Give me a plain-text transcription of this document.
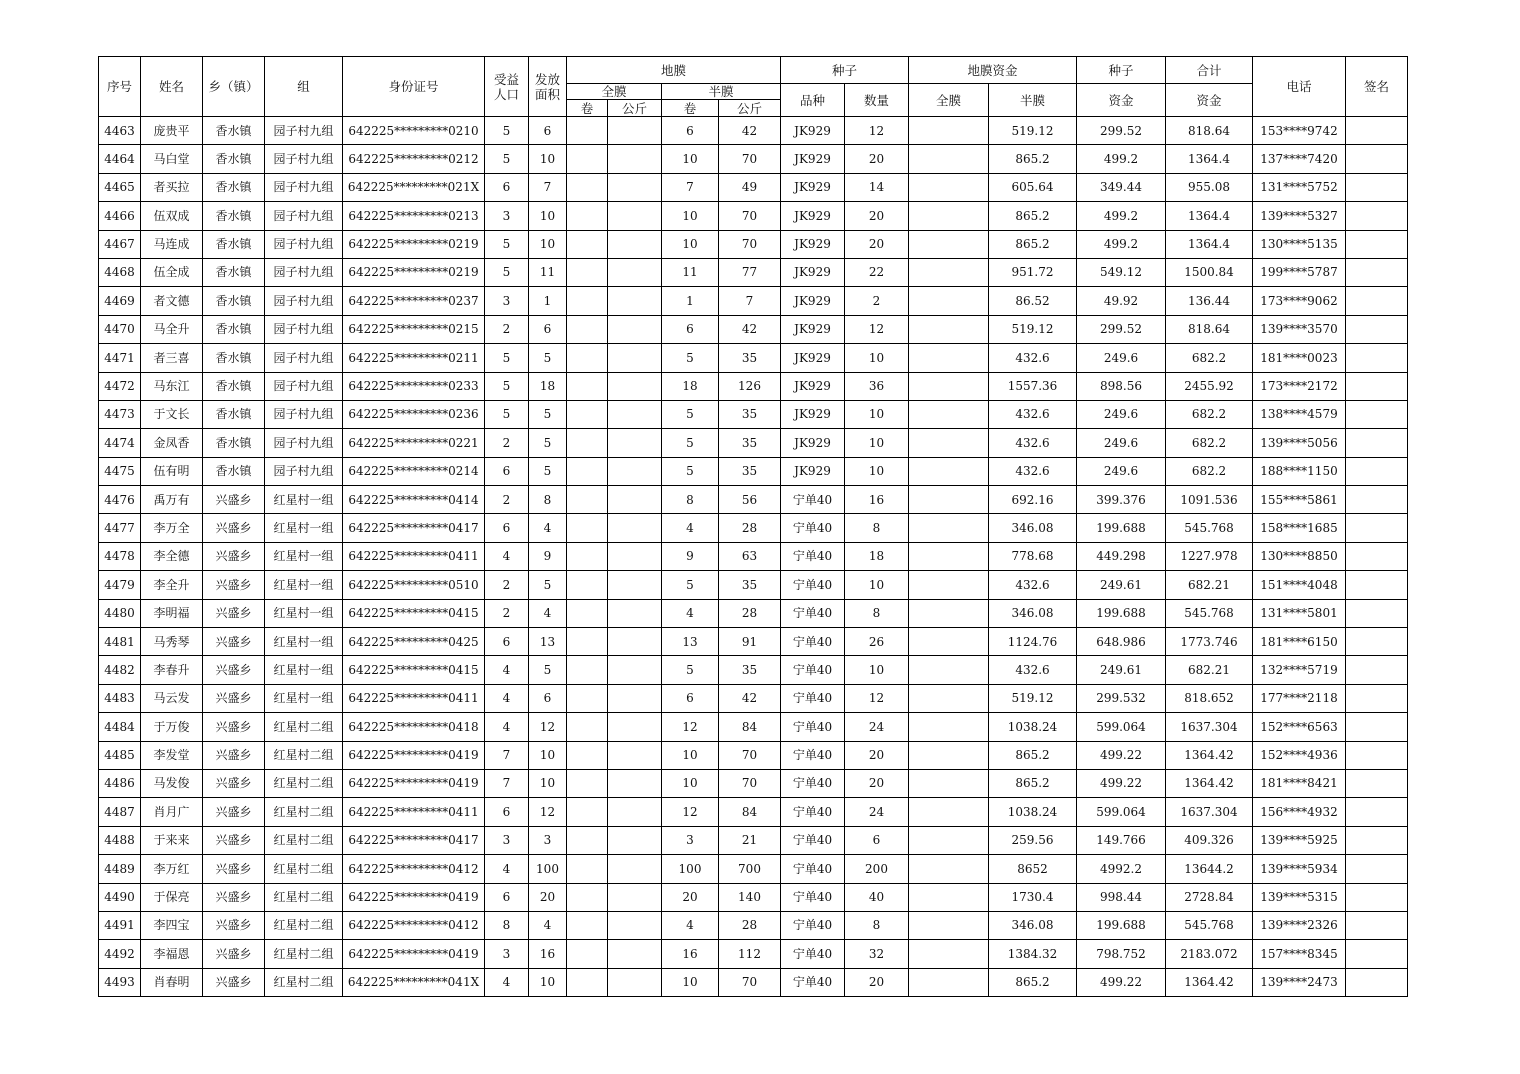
序号	姓名	乡（镇）	组	身份证号	受益人口	发放面积	地膜				种子		地膜资金		种子	合计	电话	签名
							全膜		半膜		品种	数量	全膜	半膜	资金	资金		
							卷	公斤	卷	公斤								
4463	庞贵平	香水镇	园子村九组	642225*********0210	5	6			6	42	JK929	12		519.12	299.52	818.64	153****9742	
4464	马白堂	香水镇	园子村九组	642225*********0212	5	10			10	70	JK929	20		865.2	499.2	1364.4	137****7420	
4465	者买拉	香水镇	园子村九组	642225*********021X	6	7			7	49	JK929	14		605.64	349.44	955.08	131****5752	
4466	伍双成	香水镇	园子村九组	642225*********0213	3	10			10	70	JK929	20		865.2	499.2	1364.4	139****5327	
4467	马连成	香水镇	园子村九组	642225*********0219	5	10			10	70	JK929	20		865.2	499.2	1364.4	130****5135	
4468	伍全成	香水镇	园子村九组	642225*********0219	5	11			11	77	JK929	22		951.72	549.12	1500.84	199****5787	
4469	者文德	香水镇	园子村九组	642225*********0237	3	1			1	7	JK929	2		86.52	49.92	136.44	173****9062	
4470	马全升	香水镇	园子村九组	642225*********0215	2	6			6	42	JK929	12		519.12	299.52	818.64	139****3570	
4471	者三喜	香水镇	园子村九组	642225*********0211	5	5			5	35	JK929	10		432.6	249.6	682.2	181****0023	
4472	马东江	香水镇	园子村九组	642225*********0233	5	18			18	126	JK929	36		1557.36	898.56	2455.92	173****2172	
4473	于文长	香水镇	园子村九组	642225*********0236	5	5			5	35	JK929	10		432.6	249.6	682.2	138****4579	
4474	金凤香	香水镇	园子村九组	642225*********0221	2	5			5	35	JK929	10		432.6	249.6	682.2	139****5056	
4475	伍有明	香水镇	园子村九组	642225*********0214	6	5			5	35	JK929	10		432.6	249.6	682.2	188****1150	
4476	禹万有	兴盛乡	红星村一组	642225*********0414	2	8			8	56	宁单40	16		692.16	399.376	1091.536	155****5861	
4477	李万全	兴盛乡	红星村一组	642225*********0417	6	4			4	28	宁单40	8		346.08	199.688	545.768	158****1685	
4478	李全德	兴盛乡	红星村一组	642225*********0411	4	9			9	63	宁单40	18		778.68	449.298	1227.978	130****8850	
4479	李全升	兴盛乡	红星村一组	642225*********0510	2	5			5	35	宁单40	10		432.6	249.61	682.21	151****4048	
4480	李明福	兴盛乡	红星村一组	642225*********0415	2	4			4	28	宁单40	8		346.08	199.688	545.768	131****5801	
4481	马秀琴	兴盛乡	红星村一组	642225*********0425	6	13			13	91	宁单40	26		1124.76	648.986	1773.746	181****6150	
4482	李春升	兴盛乡	红星村一组	642225*********0415	4	5			5	35	宁单40	10		432.6	249.61	682.21	132****5719	
4483	马云发	兴盛乡	红星村一组	642225*********0411	4	6			6	42	宁单40	12		519.12	299.532	818.652	177****2118	
4484	于万俊	兴盛乡	红星村二组	642225*********0418	4	12			12	84	宁单40	24		1038.24	599.064	1637.304	152****6563	
4485	李发堂	兴盛乡	红星村二组	642225*********0419	7	10			10	70	宁单40	20		865.2	499.22	1364.42	152****4936	
4486	马发俊	兴盛乡	红星村二组	642225*********0419	7	10			10	70	宁单40	20		865.2	499.22	1364.42	181****8421	
4487	肖月广	兴盛乡	红星村二组	642225*********0411	6	12			12	84	宁单40	24		1038.24	599.064	1637.304	156****4932	
4488	于来来	兴盛乡	红星村二组	642225*********0417	3	3			3	21	宁单40	6		259.56	149.766	409.326	139****5925	
4489	李万红	兴盛乡	红星村二组	642225*********0412	4	100			100	700	宁单40	200		8652	4992.2	13644.2	139****5934	
4490	于保亮	兴盛乡	红星村二组	642225*********0419	6	20			20	140	宁单40	40		1730.4	998.44	2728.84	139****5315	
4491	李四宝	兴盛乡	红星村二组	642225*********0412	8	4			4	28	宁单40	8		346.08	199.688	545.768	139****2326	
4492	李福恩	兴盛乡	红星村二组	642225*********0419	3	16			16	112	宁单40	32		1384.32	798.752	2183.072	157****8345	
4493	肖春明	兴盛乡	红星村二组	642225*********041X	4	10			10	70	宁单40	20		865.2	499.22	1364.42	139****2473	
